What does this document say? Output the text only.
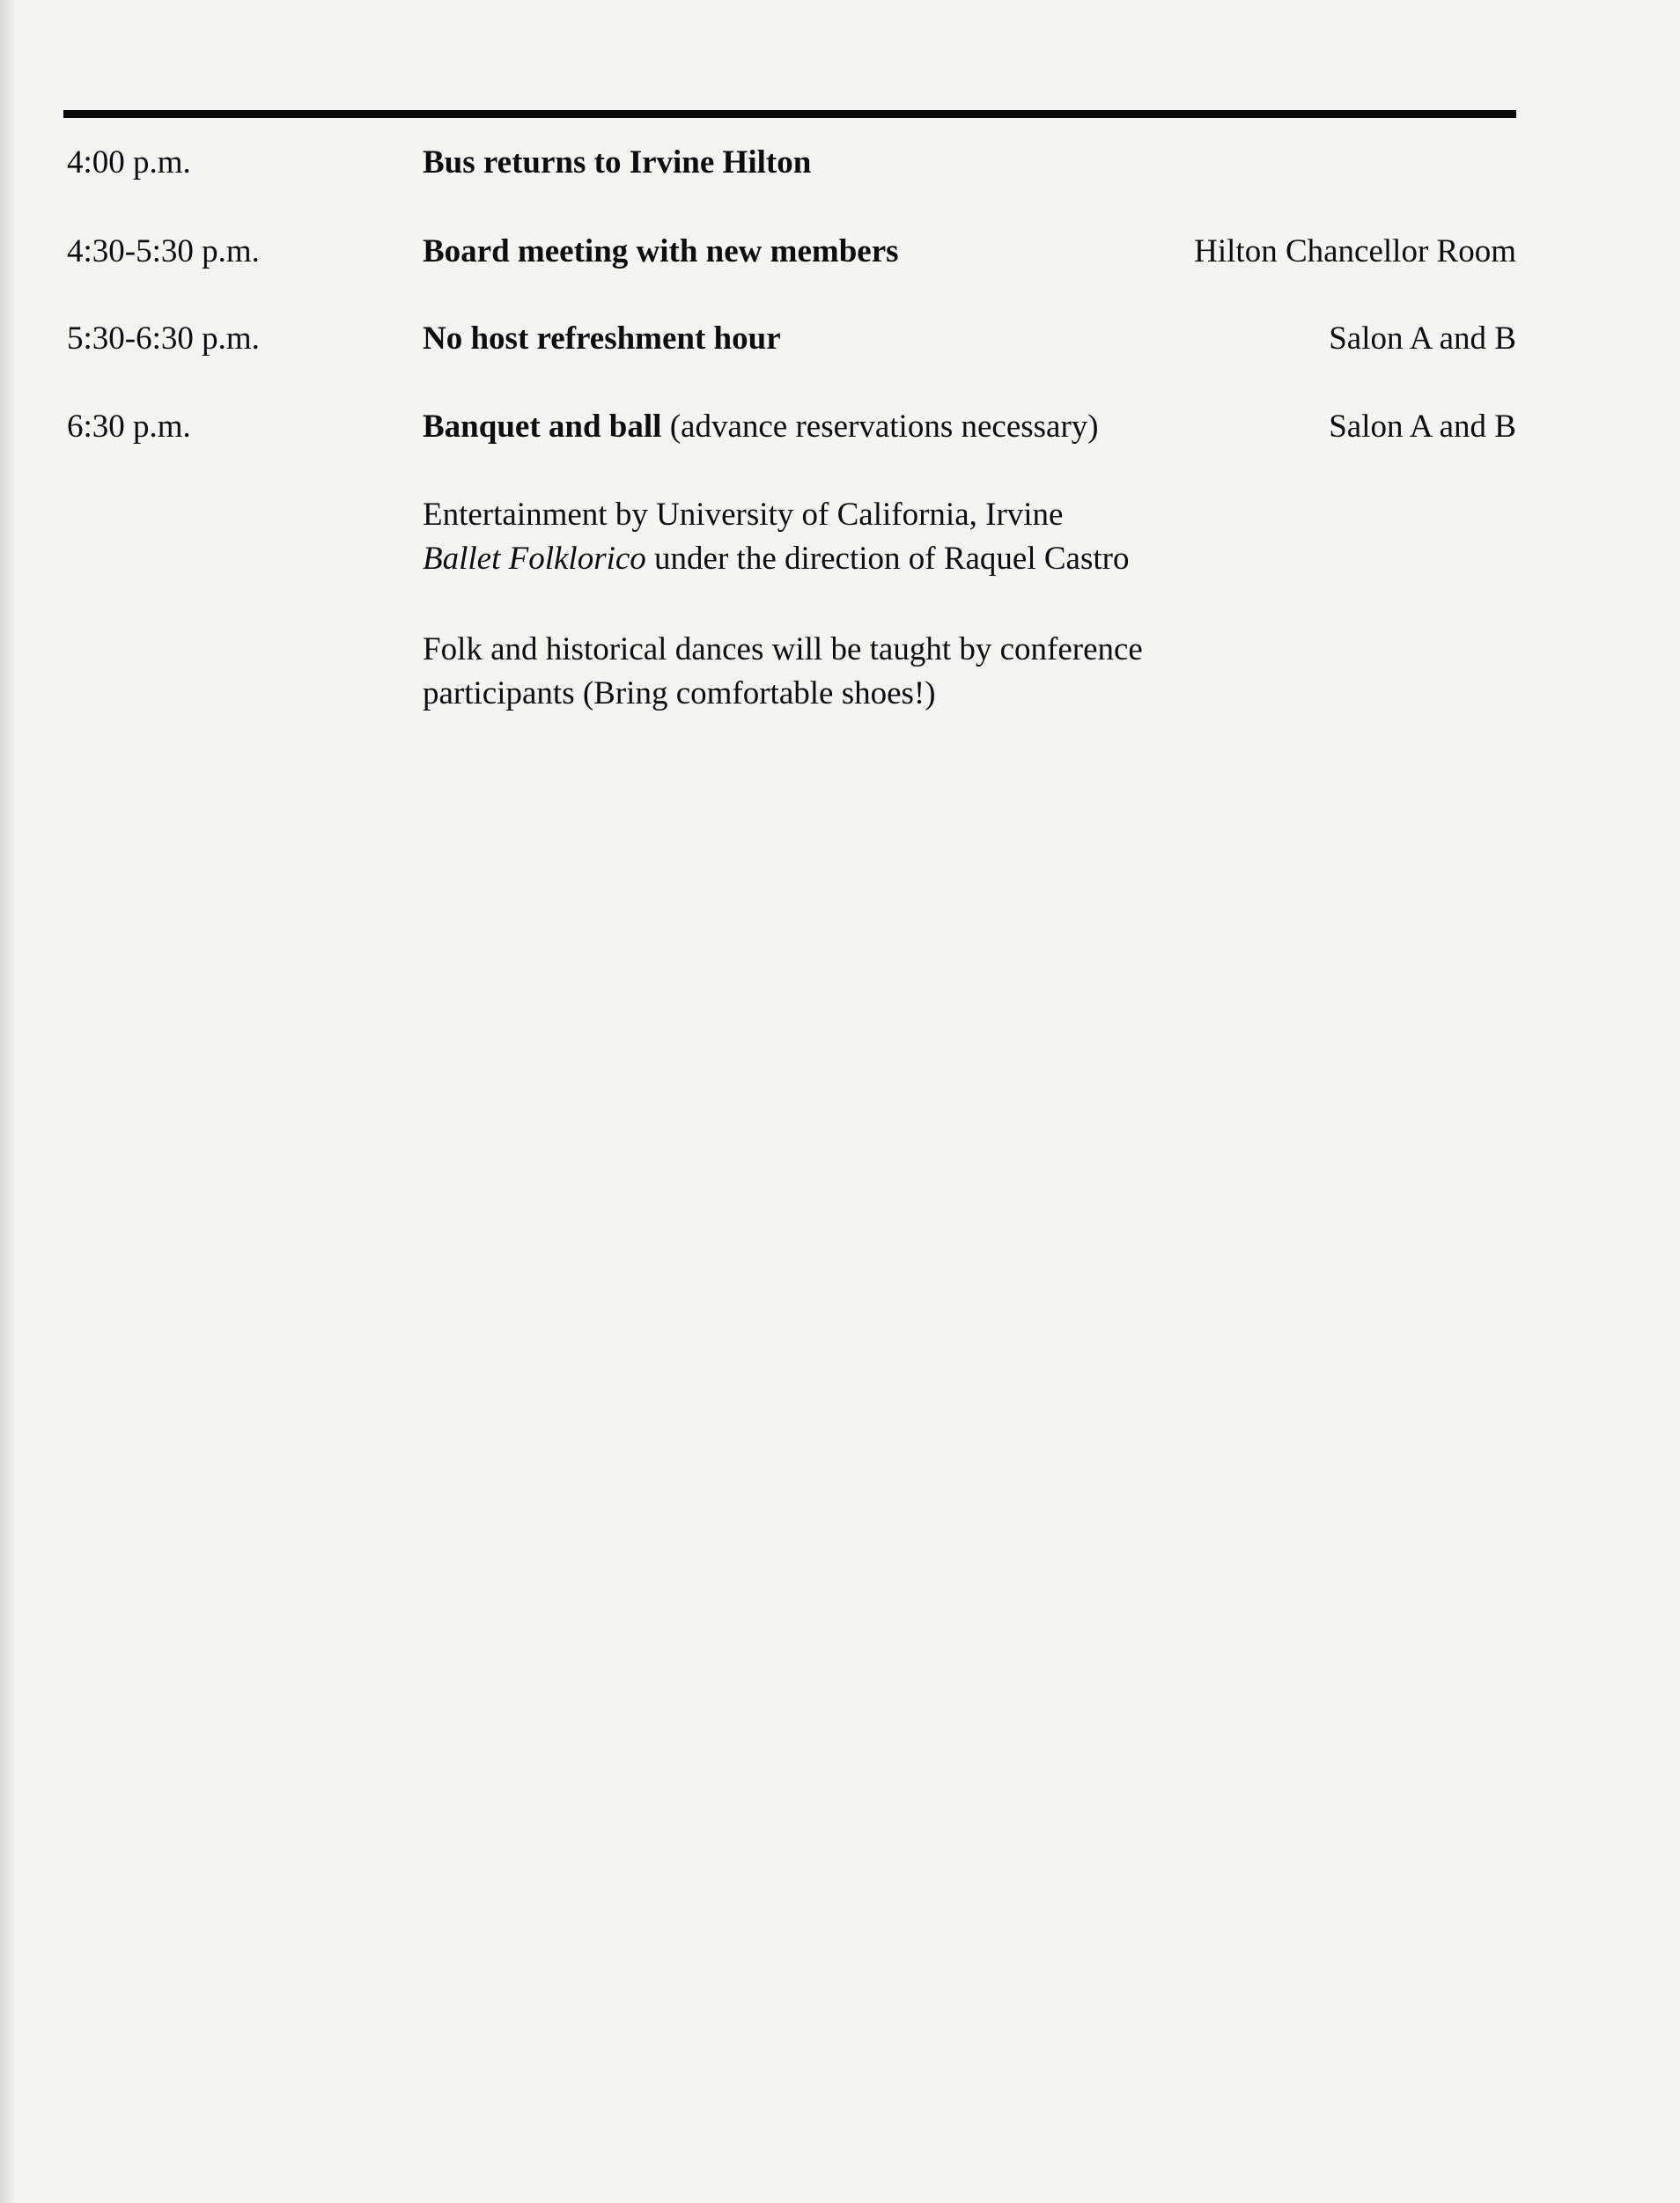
4:00 p.m.	Bus returns to Irvine Hilton
4:30-5:30 p.m.	Board meeting with new members	Hilton Chancellor Room
5:30-6:30 p.m.	No host refreshment hour	Salon A and B
6:30 p.m.	Banquet and ball (advance reservations necessary)	Salon A and B
Entertainment by University of California, Irvine
Ballet Folklorico under the direction of Raquel Castro
Folk and historical dances will be taught by conference
participants (Bring comfortable shoes!)
